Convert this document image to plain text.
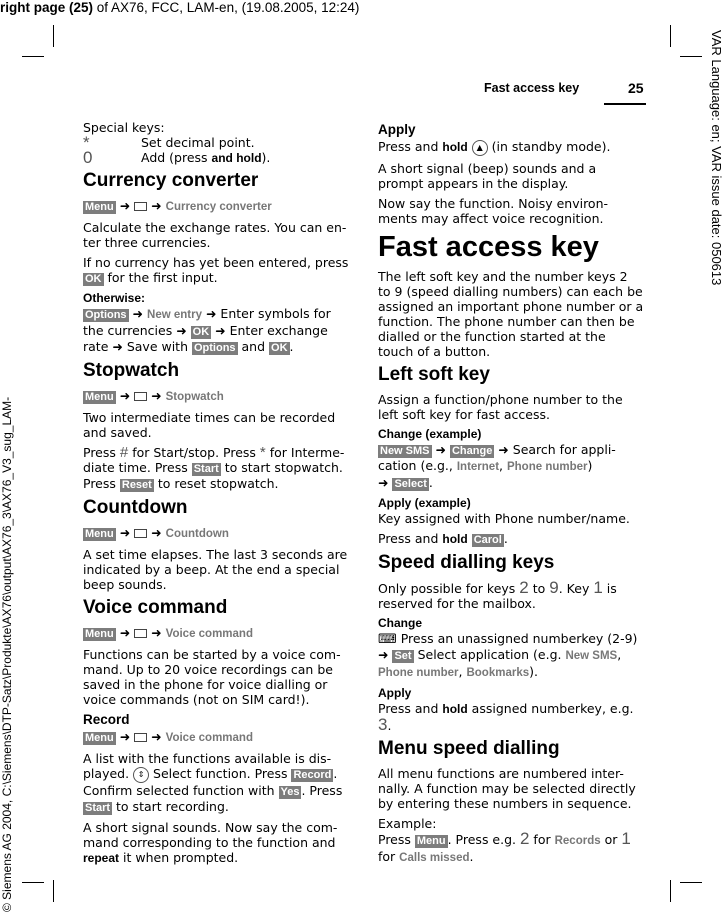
right page (25) of AX76, FCC, LAM-en, (19.08.2005, 12:24)
Fast access key	25	VAR Language: en; VAR issue date: 050613
© Siemens AG 2004, C:\Siemens\DTP-Satz\Produkte\AX76\output\AX76_3\AX76_V3_sug_LAM-

Special keys:

*	Set decimal point.
0	Add (press and hold).
Currency converter

Menu ➜ ➜ Currency converter

Calculate the exchange rates. You can en-ter three currencies.

If no currency has yet been entered, press OK for the first input.

Otherwise:

Options ➜ New entry ➜ Enter symbols for the currencies ➜ OK ➜ Enter exchange rate ➜ Save with Options and OK .

Stopwatch

Menu ➜ ➜ Stopwatch

Two intermediate times can be recorded and saved.

Press # for Start/stop. Press * for Interme-diate time. Press Start to start stopwatch. Press Reset to reset stopwatch.

Countdown

Menu ➜ ➜ Countdown

A set time elapses. The last 3 seconds are indicated by a beep. At the end a special beep sounds.

Voice command

Menu ➜ ➜ Voice command

Functions can be started by a voice com-mand. Up to 20 voice recordings can be saved in the phone for voice dialling or voice commands (not on SIM card!).

Record

Menu ➜ ➜ Voice command

A list with the functions available is dis-played. ⇕ Select function. Press Record . Confirm selected function with Yes . Press Start to start recording.

A short signal sounds. Now say the com-mand corresponding to the function and repeat it when prompted.

Apply

Press and hold ▲ (in standby mode).

A short signal (beep) sounds and a prompt appears in the display.

Now say the function. Noisy environ-ments may affect voice recognition.

Fast access key

The left soft key and the number keys 2 to 9 (speed dialling numbers) can each be assigned an important phone number or a function. The phone number can then be dialled or the function started at the touch of a button.

Left soft key

Assign a function/phone number to the left soft key for fast access.

Change (example)

New SMS ➜ Change ➜ Search for appli-cation (e.g., Internet, Phone number)
➜ Select .

Apply (example)

Key assigned with Phone number/name.

Press and hold Carol .

Speed dialling keys

Only possible for keys 2 to 9. Key 1 is reserved for the mailbox.

Change

⌨ Press an unassigned numberkey (2-9) ➜ Set Select application (e.g. New SMS, Phone number, Bookmarks).

Apply

Press and hold assigned numberkey, e.g. 3.

Menu speed dialling

All menu functions are numbered inter-nally. A function may be selected directly by entering these numbers in sequence.

Example:

Press Menu . Press e.g. 2 for Records or 1 for Calls missed.
